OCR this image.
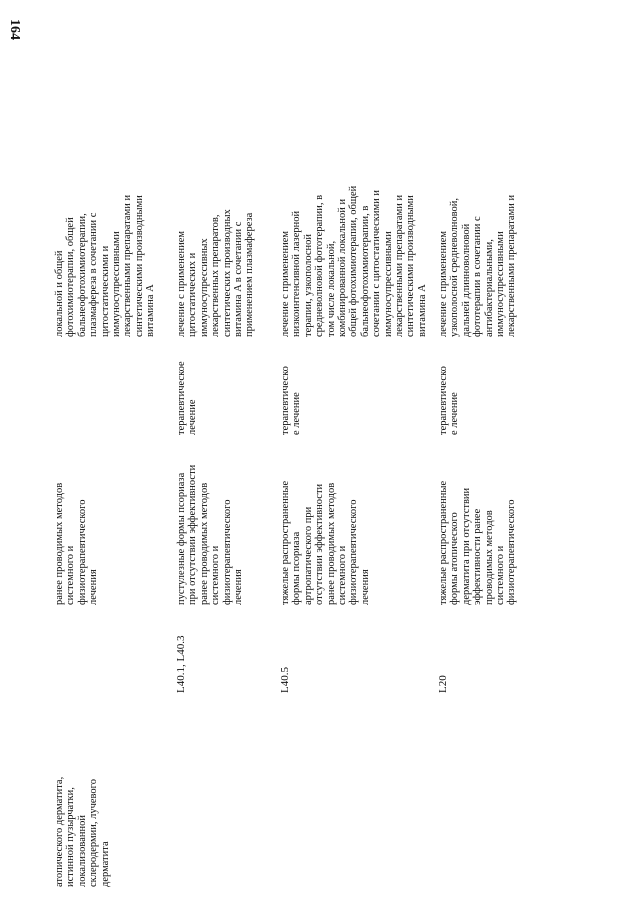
164
атопического дерматита, истинной пузырчатки, локализованной склеродермии, лучевого дерматита
ранее проводимых методов системного и физиотерапевтического лечения
локальной и общей фотохимиотерапии, общей бальнеофотохимиотерапии, плазмафереза в сочетании с цитостатическими и иммуносупрессивными лекарственными препаратами и синтетическими производными витамина A
L40.1, L40.3
пустулезные формы псориаза при отсутствии эффективности ранее проводимых методов системного и физиотерапевтического лечения
терапевтическое лечение
лечение с применением цитостатических и иммуносупрессивных лекарственных препаратов, синтетических производных витамина A в сочетании с применением плазмафереза
L40.5
тяжелые распространенные формы псориаза артропатического при отсутствии эффективности ранее проводимых методов системного и физиотерапевтического лечения
терапевтическо е лечение
лечение с применением низкоинтенсивной лазерной терапии, узкополосной средневолновой фототерапии, в том числе локальной, комбинированной локальной и общей фотохимиотерапии, общей бальнеофотохимиотерапии, в сочетании с цитостатическими и иммуносупрессивными лекарственными препаратами и синтетическими производными витамина A
L20
тяжелые распространенные формы атопического дерматита при отсутствии эффективности ранее проводимых методов системного и физиотерапевтического
терапевтическо е лечение
лечение с применением узкополосной средневолновой, дальней длинноволновой фототерапии в сочетании с антибактериальными, иммуносупрессивными лекарственными препаратами и
